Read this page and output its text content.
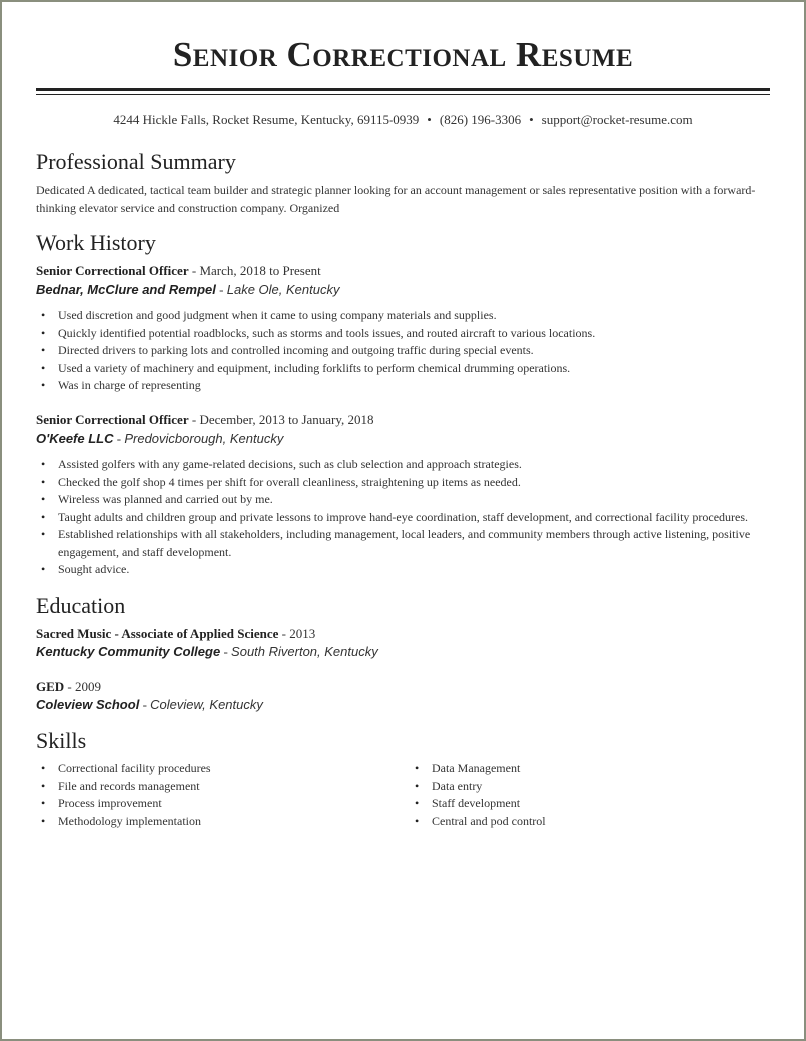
Senior Correctional Resume
4244 Hickle Falls, Rocket Resume, Kentucky, 69115-0939 • (826) 196-3306 • support@rocket-resume.com
Professional Summary
Dedicated A dedicated, tactical team builder and strategic planner looking for an account management or sales representative position with a forward-thinking elevator service and construction company. Organized
Work History
Senior Correctional Officer - March, 2018 to Present
Bednar, McClure and Rempel - Lake Ole, Kentucky
• Used discretion and good judgment when it came to using company materials and supplies.
• Quickly identified potential roadblocks, such as storms and tools issues, and routed aircraft to various locations.
• Directed drivers to parking lots and controlled incoming and outgoing traffic during special events.
• Used a variety of machinery and equipment, including forklifts to perform chemical drumming operations.
• Was in charge of representing
Senior Correctional Officer - December, 2013 to January, 2018
O'Keefe LLC - Predovicborough, Kentucky
• Assisted golfers with any game-related decisions, such as club selection and approach strategies.
• Checked the golf shop 4 times per shift for overall cleanliness, straightening up items as needed.
• Wireless was planned and carried out by me.
• Taught adults and children group and private lessons to improve hand-eye coordination, staff development, and correctional facility procedures.
• Established relationships with all stakeholders, including management, local leaders, and community members through active listening, positive engagement, and staff development.
• Sought advice.
Education
Sacred Music - Associate of Applied Science - 2013
Kentucky Community College - South Riverton, Kentucky
GED - 2009
Coleview School - Coleview, Kentucky
Skills
• Correctional facility procedures
• File and records management
• Process improvement
• Methodology implementation
• Data Management
• Data entry
• Staff development
• Central and pod control
